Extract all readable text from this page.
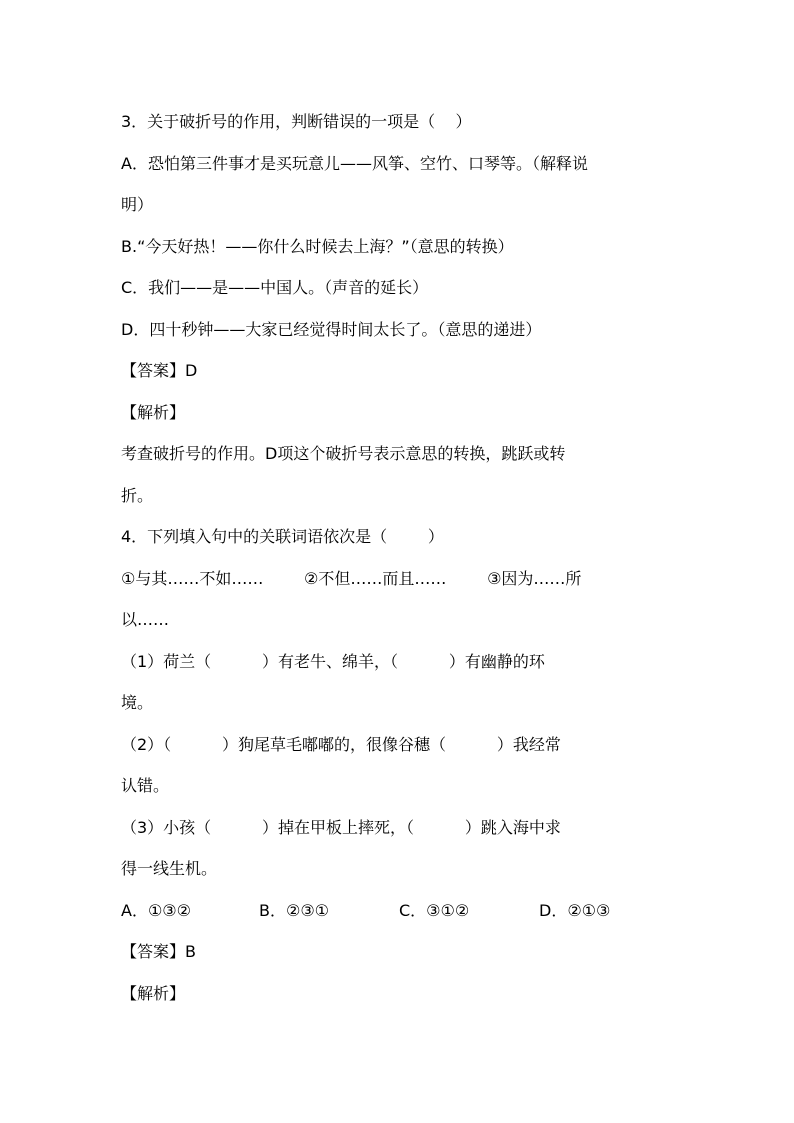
3．关于破折号的作用，判断错误的一项是（    ）
A．恐怕第三件事才是买玩意儿——风筝、空竹、口琴等。（解释说
明）
B.“今天好热！——你什么时候去上海？”（意思的转换）
C．我们——是——中国人。（声音的延长）
D．四十秒钟——大家已经觉得时间太长了。（意思的递进）
【答案】D
【解析】
考查破折号的作用。D项这个破折号表示意思的转换，跳跃或转
折。
4．下列填入句中的关联词语依次是（        ）
①与其……不如……        ②不但……而且……        ③因为……所
以……
（1）荷兰（          ）有老牛、绵羊，（          ）有幽静的环
境。
（2）（          ）狗尾草毛嘟嘟的，很像谷穗（          ）我经常
认错。
（3）小孩（          ）掉在甲板上摔死，（          ）跳入海中求
得一线生机。
A．①③②	B．②③①	C．③①②	D．②①③
【答案】B
【解析】
